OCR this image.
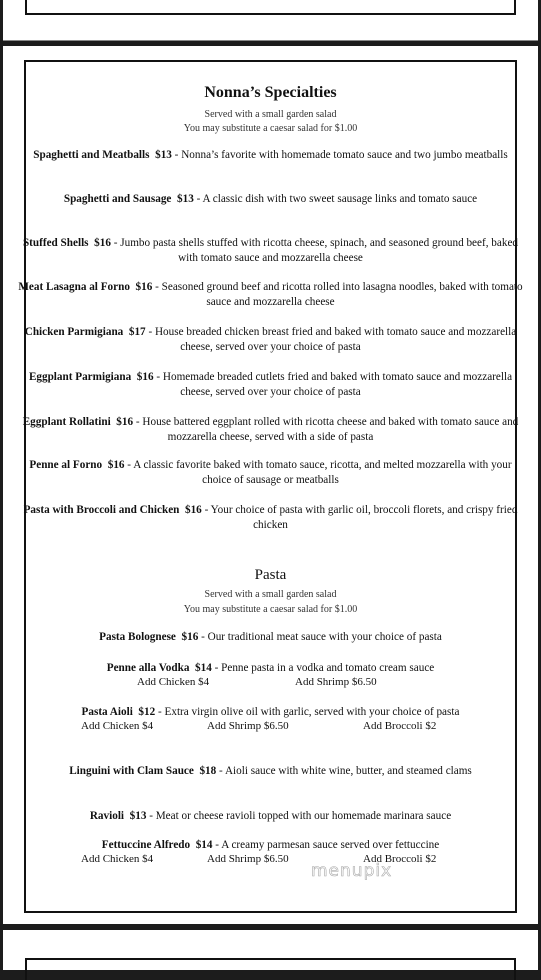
Nonna’s Specialties
Served with a small garden salad
You may substitute a caesar salad for $1.00
Spaghetti and Meatballs $13 - Nonna’s favorite with homemade tomato sauce and two jumbo meatballs
Spaghetti and Sausage $13 - A classic dish with two sweet sausage links and tomato sauce
Stuffed Shells $16 - Jumbo pasta shells stuffed with ricotta cheese, spinach, and seasoned ground beef, baked with tomato sauce and mozzarella cheese
Meat Lasagna al Forno $16 - Seasoned ground beef and ricotta rolled into lasagna noodles, baked with tomato sauce and mozzarella cheese
Chicken Parmigiana $17 - House breaded chicken breast fried and baked with tomato sauce and mozzarella cheese, served over your choice of pasta
Eggplant Parmigiana $16 - Homemade breaded cutlets fried and baked with tomato sauce and mozzarella cheese, served over your choice of pasta
Eggplant Rollatini $16 - House battered eggplant rolled with ricotta cheese and baked with tomato sauce and mozzarella cheese, served with a side of pasta
Penne al Forno $16 - A classic favorite baked with tomato sauce, ricotta, and melted mozzarella with your choice of sausage or meatballs
Pasta with Broccoli and Chicken $16 - Your choice of pasta with garlic oil, broccoli florets, and crispy fried chicken
Pasta
Served with a small garden salad
You may substitute a caesar salad for $1.00
Pasta Bolognese $16 - Our traditional meat sauce with your choice of pasta
Penne alla Vodka $14 - Penne pasta in a vodka and tomato cream sauce
Add Chicken $4	Add Shrimp $6.50
Pasta Aioli $12 - Extra virgin olive oil with garlic, served with your choice of pasta
Add Chicken $4	Add Shrimp $6.50	Add Broccoli $2
Linguini with Clam Sauce $18 - Aioli sauce with white wine, butter, and steamed clams
Ravioli $13 - Meat or cheese ravioli topped with our homemade marinara sauce
Fettuccine Alfredo $14 - A creamy parmesan sauce served over fettuccine
Add Chicken $4	Add Shrimp $6.50	Add Broccoli $2
menupix
